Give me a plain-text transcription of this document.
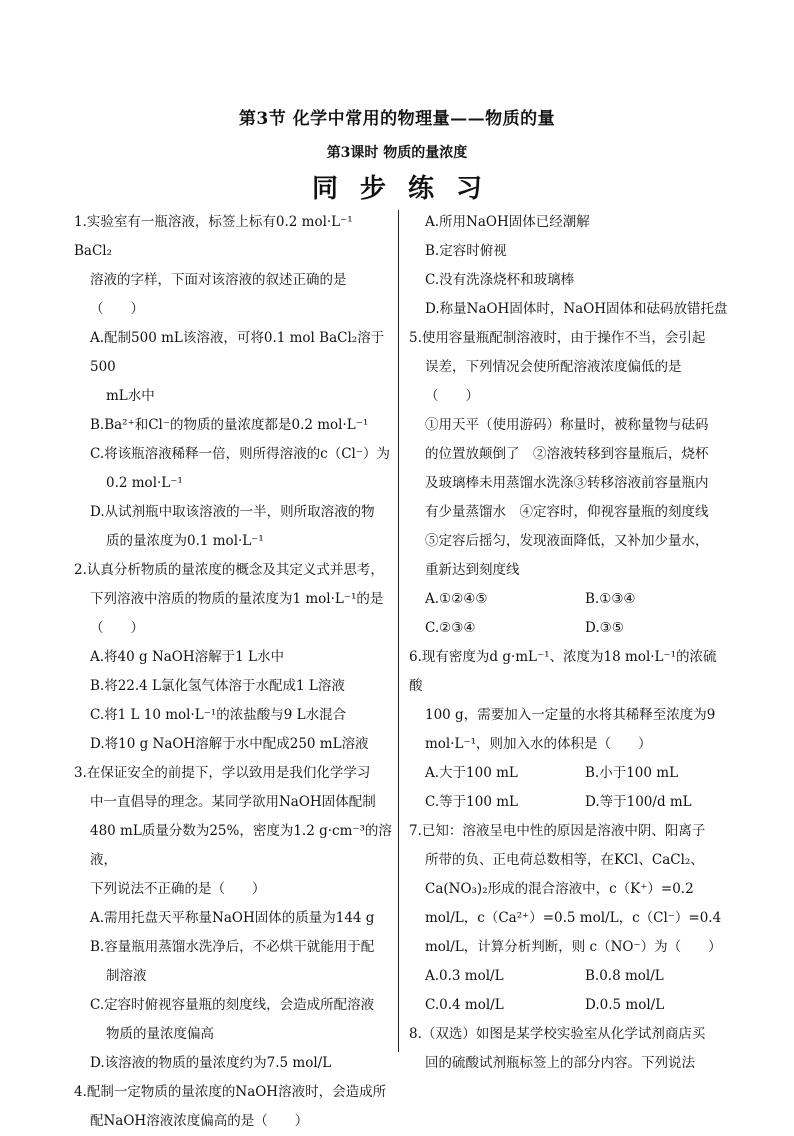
第3节 化学中常用的物理量——物质的量
第3课时 物质的量浓度
同步练习
1.实验室有一瓶溶液，标签上标有0.2 mol·L⁻¹ BaCl₂
溶液的字样，下面对该溶液的叙述正确的是
（　　）
A.配制500 mL该溶液，可将0.1 mol BaCl₂溶于500
mL水中
B.Ba²⁺和Cl⁻的物质的量浓度都是0.2 mol·L⁻¹
C.将该瓶溶液稀释一倍，则所得溶液的c（Cl⁻）为
0.2 mol·L⁻¹
D.从试剂瓶中取该溶液的一半，则所取溶液的物
质的量浓度为0.1 mol·L⁻¹
2.认真分析物质的量浓度的概念及其定义式并思考，
下列溶液中溶质的物质的量浓度为1 mol·L⁻¹的是
（　　）
A.将40 g NaOH溶解于1 L水中
B.将22.4 L氯化氢气体溶于水配成1 L溶液
C.将1 L 10 mol·L⁻¹的浓盐酸与9 L水混合
D.将10 g NaOH溶解于水中配成250 mL溶液
3.在保证安全的前提下，学以致用是我们化学学习
中一直倡导的理念。某同学欲用NaOH固体配制
480 mL质量分数为25%，密度为1.2 g·cm⁻³的溶液，
下列说法不正确的是（　　）
A.需用托盘天平称量NaOH固体的质量为144 g
B.容量瓶用蒸馏水洗净后，不必烘干就能用于配
制溶液
C.定容时俯视容量瓶的刻度线，会造成所配溶液
物质的量浓度偏高
D.该溶液的物质的量浓度约为7.5 mol/L
4.配制一定物质的量浓度的NaOH溶液时，会造成所
配NaOH溶液浓度偏高的是（　　）
A.所用NaOH固体已经潮解
B.定容时俯视
C.没有洗涤烧杯和玻璃棒
D.称量NaOH固体时，NaOH固体和砝码放错托盘
5.使用容量瓶配制溶液时，由于操作不当，会引起
误差，下列情况会使所配溶液浓度偏低的是
（　　）
①用天平（使用游码）称量时，被称量物与砝码
的位置放颠倒了　②溶液转移到容量瓶后，烧杯
及玻璃棒未用蒸馏水洗涤③转移溶液前容量瓶内
有少量蒸馏水　④定容时，仰视容量瓶的刻度线
⑤定容后摇匀，发现液面降低，又补加少量水，
重新达到刻度线
A.①②④⑤	B.①③④
C.②③④	D.③⑤
6.现有密度为d g·mL⁻¹、浓度为18 mol·L⁻¹的浓硫酸
100 g，需要加入一定量的水将其稀释至浓度为9
mol·L⁻¹，则加入水的体积是（　　）
A.大于100 mL	B.小于100 mL
C.等于100 mL	D.等于100/d mL
7.已知：溶液呈电中性的原因是溶液中阴、阳离子
所带的负、正电荷总数相等，在KCl、CaCl₂、
Ca(NO₃)₂形成的混合溶液中，c（K⁺）=0.2
mol/L，c（Ca²⁺）=0.5 mol/L，c（Cl⁻）=0.4
mol/L，计算分析判断，则 c（NO⁻）为（　　）
A.0.3 mol/L	B.0.8 mol/L
C.0.4 mol/L	D.0.5 mol/L
8.（双选）如图是某学校实验室从化学试剂商店买
回的硫酸试剂瓶标签上的部分内容。下列说法
